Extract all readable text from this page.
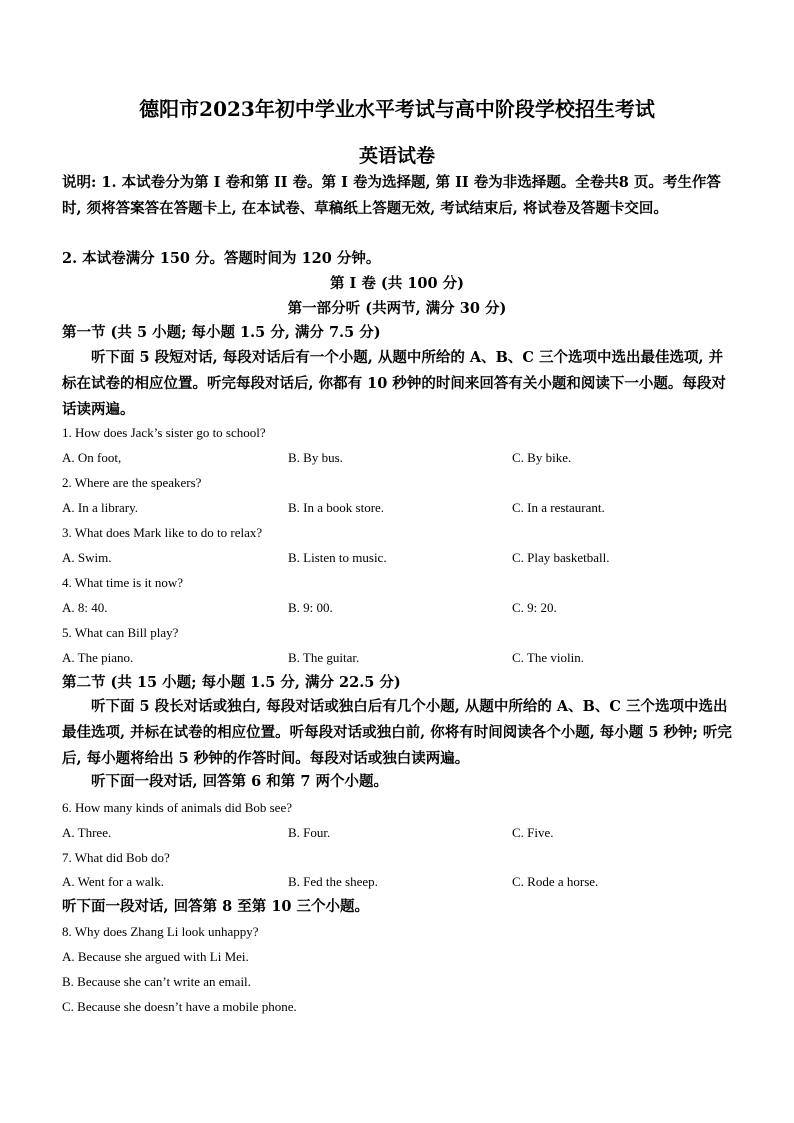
德阳市2023年初中学业水平考试与高中阶段学校招生考试
英语试卷
说明: 1. 本试卷分为第 I 卷和第 II 卷。第 I 卷为选择题, 第 II 卷为非选择题。全卷共8 页。考生作答时, 须将答案答在答题卡上, 在本试卷、草稿纸上答题无效, 考试结束后, 将试卷及答题卡交回。
2. 本试卷满分 150 分。答题时间为 120 分钟。
第 I 卷 (共 100 分)
第一部分听 (共两节, 满分 30 分)
第一节 (共 5 小题; 每小题 1.5 分, 满分 7.5 分)
听下面 5 段短对话, 每段对话后有一个小题, 从题中所给的 A、B、C 三个选项中选出最佳选项, 并标在试卷的相应位置。听完每段对话后, 你都有 10 秒钟的时间来回答有关小题和阅读下一小题。每段对话读两遍。
1. How does Jack’s sister go to school?
A. On foot,	B. By bus.	C. By bike.
2. Where are the speakers?
A. In a library.	B. In a book store.	C. In a restaurant.
3. What does Mark like to do to relax?
A. Swim.	B. Listen to music.	C. Play basketball.
4. What time is it now?
A. 8: 40.	B. 9: 00.	C. 9: 20.
5. What can Bill play?
A. The piano.	B. The guitar.	C. The violin.
第二节 (共 15 小题; 每小题 1.5 分, 满分 22.5 分)
听下面 5 段长对话或独白, 每段对话或独白后有几个小题, 从题中所给的 A、B、C 三个选项中选出最佳选项, 并标在试卷的相应位置。听每段对话或独白前, 你将有时间阅读各个小题, 每小题 5 秒钟; 听完后, 每小题将给出 5 秒钟的作答时间。每段对话或独白读两遍。
听下面一段对话, 回答第 6 和第 7 两个小题。
6. How many kinds of animals did Bob see?
A. Three.	B. Four.	C. Five.
7. What did Bob do?
A. Went for a walk.	B. Fed the sheep.	C. Rode a horse.
听下面一段对话, 回答第 8 至第 10 三个小题。
8. Why does Zhang Li look unhappy?
A. Because she argued with Li Mei.
B. Because she can’t write an email.
C. Because she doesn’t have a mobile phone.
